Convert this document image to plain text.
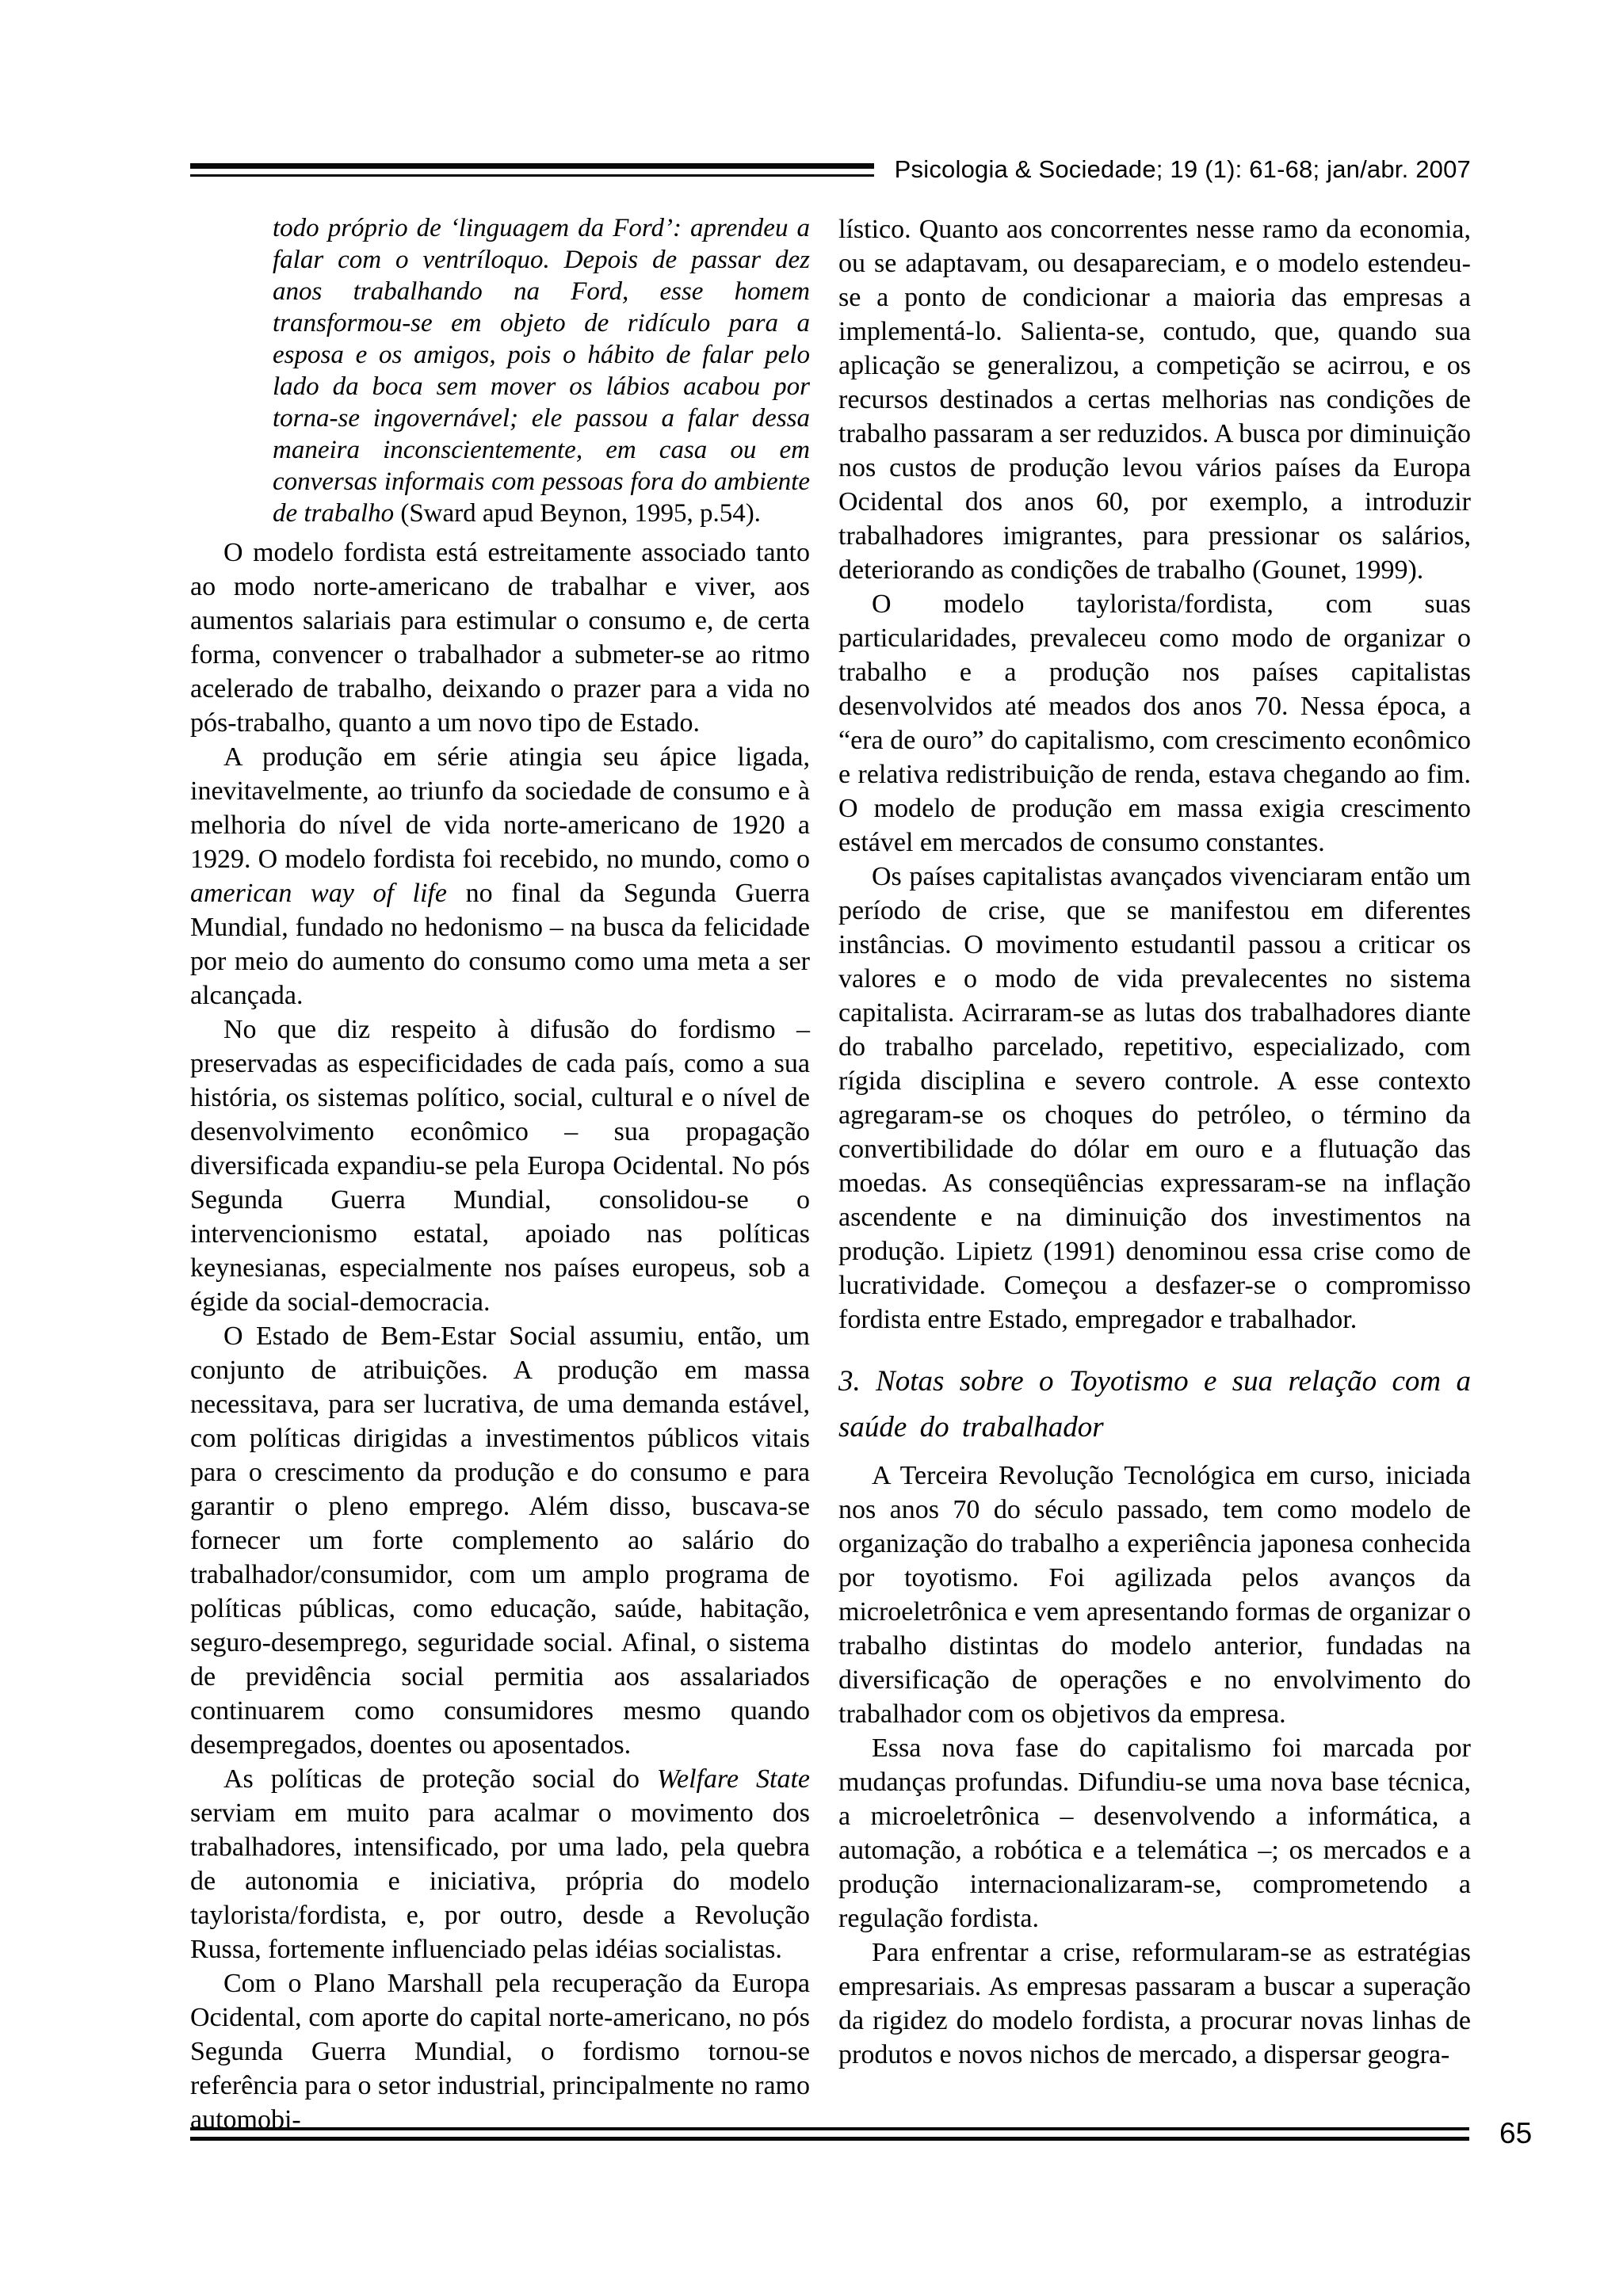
Psicologia & Sociedade; 19 (1): 61-68; jan/abr. 2007
todo próprio de ‘linguagem da Ford’: aprendeu a falar com o ventríloquo. Depois de passar dez anos trabalhando na Ford, esse homem transformou-se em objeto de ridículo para a esposa e os amigos, pois o hábito de falar pelo lado da boca sem mover os lábios acabou por torna-se ingovernável; ele passou a falar dessa maneira inconscientemente, em casa ou em conversas informais com pessoas fora do ambiente de trabalho (Sward apud Beynon, 1995, p.54).

O modelo fordista está estreitamente associado tanto ao modo norte-americano de trabalhar e viver, aos aumentos salariais para estimular o consumo e, de certa forma, convencer o trabalhador a submeter-se ao ritmo acelerado de trabalho, deixando o prazer para a vida no pós-trabalho, quanto a um novo tipo de Estado.

A produção em série atingia seu ápice ligada, inevitavelmente, ao triunfo da sociedade de consumo e à melhoria do nível de vida norte-americano de 1920 a 1929. O modelo fordista foi recebido, no mundo, como o american way of life no final da Segunda Guerra Mundial, fundado no hedonismo – na busca da felicidade por meio do aumento do consumo como uma meta a ser alcançada.

No que diz respeito à difusão do fordismo – preservadas as especificidades de cada país, como a sua história, os sistemas político, social, cultural e o nível de desenvolvimento econômico – sua propagação diversificada expandiu-se pela Europa Ocidental. No pós Segunda Guerra Mundial, consolidou-se o intervencionismo estatal, apoiado nas políticas keynesianas, especialmente nos países europeus, sob a égide da social-democracia.

O Estado de Bem-Estar Social assumiu, então, um conjunto de atribuições. A produção em massa necessitava, para ser lucrativa, de uma demanda estável, com políticas dirigidas a investimentos públicos vitais para o crescimento da produção e do consumo e para garantir o pleno emprego. Além disso, buscava-se fornecer um forte complemento ao salário do trabalhador/consumidor, com um amplo programa de políticas públicas, como educação, saúde, habitação, seguro-desemprego, seguridade social. Afinal, o sistema de previdência social permitia aos assalariados continuarem como consumidores mesmo quando desempregados, doentes ou aposentados.

As políticas de proteção social do Welfare State serviam em muito para acalmar o movimento dos trabalhadores, intensificado, por uma lado, pela quebra de autonomia e iniciativa, própria do modelo taylorista/fordista, e, por outro, desde a Revolução Russa, fortemente influenciado pelas idéias socialistas.

Com o Plano Marshall pela recuperação da Europa Ocidental, com aporte do capital norte-americano, no pós Segunda Guerra Mundial, o fordismo tornou-se referência para o setor industrial, principalmente no ramo automobi-

lístico. Quanto aos concorrentes nesse ramo da economia, ou se adaptavam, ou desapareciam, e o modelo estendeu-se a ponto de condicionar a maioria das empresas a implementá-lo. Salienta-se, contudo, que, quando sua aplicação se generalizou, a competição se acirrou, e os recursos destinados a certas melhorias nas condições de trabalho passaram a ser reduzidos. A busca por diminuição nos custos de produção levou vários países da Europa Ocidental dos anos 60, por exemplo, a introduzir trabalhadores imigrantes, para pressionar os salários, deteriorando as condições de trabalho (Gounet, 1999).

O modelo taylorista/fordista, com suas particularidades, prevaleceu como modo de organizar o trabalho e a produção nos países capitalistas desenvolvidos até meados dos anos 70. Nessa época, a “era de ouro” do capitalismo, com crescimento econômico e relativa redistribuição de renda, estava chegando ao fim. O modelo de produção em massa exigia crescimento estável em mercados de consumo constantes.

Os países capitalistas avançados vivenciaram então um período de crise, que se manifestou em diferentes instâncias. O movimento estudantil passou a criticar os valores e o modo de vida prevalecentes no sistema capitalista. Acirraram-se as lutas dos trabalhadores diante do trabalho parcelado, repetitivo, especializado, com rígida disciplina e severo controle. A esse contexto agregaram-se os choques do petróleo, o término da convertibilidade do dólar em ouro e a flutuação das moedas. As conseqüências expressaram-se na inflação ascendente e na diminuição dos investimentos na produção. Lipietz (1991) denominou essa crise como de lucratividade. Começou a desfazer-se o compromisso fordista entre Estado, empregador e trabalhador.

3. Notas sobre o Toyotismo e sua relação com a saúde do trabalhador

A Terceira Revolução Tecnológica em curso, iniciada nos anos 70 do século passado, tem como modelo de organização do trabalho a experiência japonesa conhecida por toyotismo. Foi agilizada pelos avanços da microeletrônica e vem apresentando formas de organizar o trabalho distintas do modelo anterior, fundadas na diversificação de operações e no envolvimento do trabalhador com os objetivos da empresa.

Essa nova fase do capitalismo foi marcada por mudanças profundas. Difundiu-se uma nova base técnica, a microeletrônica – desenvolvendo a informática, a automação, a robótica e a telemática –; os mercados e a produção internacionalizaram-se, comprometendo a regulação fordista.

Para enfrentar a crise, reformularam-se as estratégias empresariais. As empresas passaram a buscar a superação da rigidez do modelo fordista, a procurar novas linhas de produtos e novos nichos de mercado, a dispersar geogra-

65
